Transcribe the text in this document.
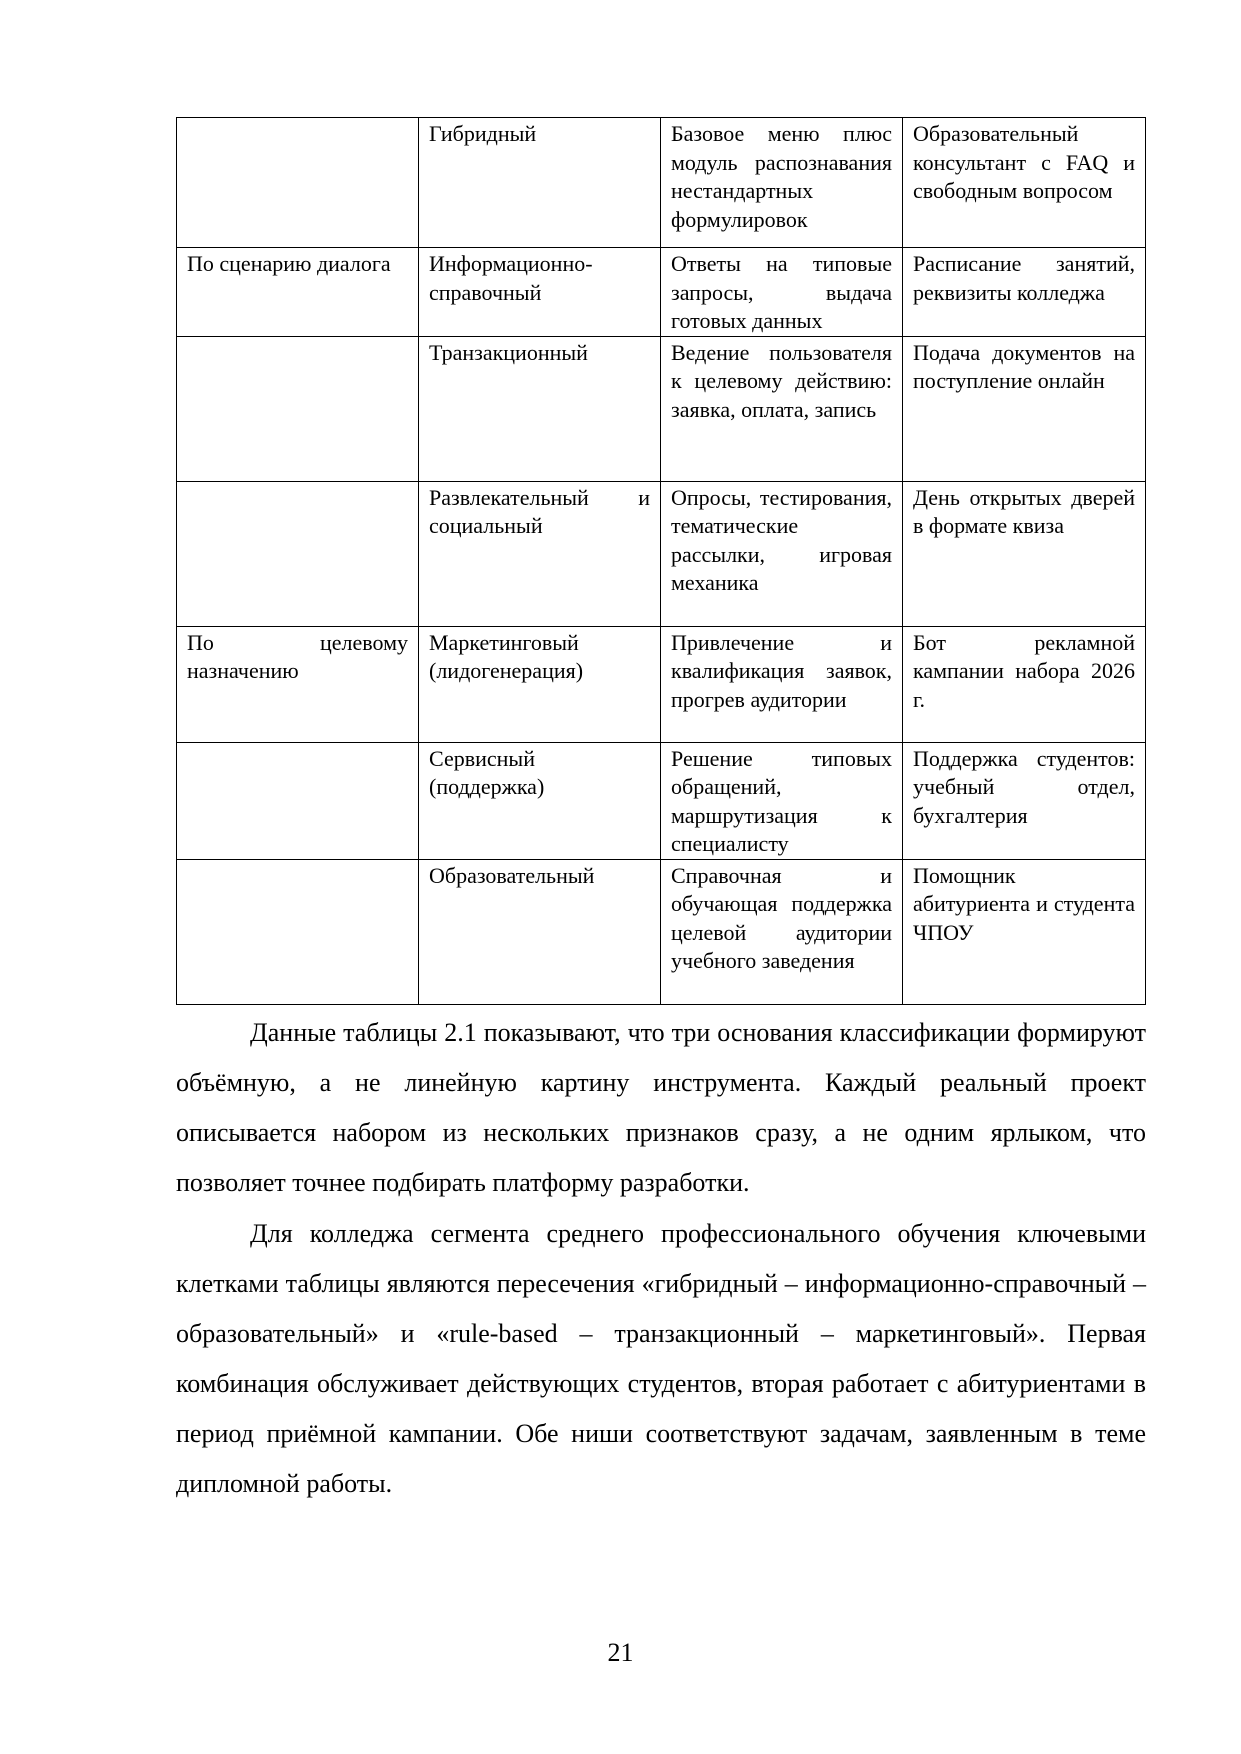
	Гибридный	Базовое меню плюс модуль распознавания нестандартных формулировок	Образовательный консультант с FAQ и свободным вопросом
По сценарию диалога	Информационно-справочный	Ответы на типовые запросы, выдача готовых данных	Расписание занятий, реквизиты колледжа
	Транзакционный	Ведение пользователя к целевому действию: заявка, оплата, запись	Подача документов на поступление онлайн
	Развлекательный и социальный	Опросы, тестирования, тематические рассылки, игровая механика	День открытых дверей в формате квиза
По целевому назначению	Маркетинговый (лидогенерация)	Привлечение и квалификация заявок, прогрев аудитории	Бот рекламной кампании набора 2026 г.
	Сервисный (поддержка)	Решение типовых обращений, маршрутизация к специалисту	Поддержка студентов: учебный отдел, бухгалтерия
	Образовательный	Справочная и обучающая поддержка целевой аудитории учебного заведения	Помощник абитуриента и студента ЧПОУ

Данные таблицы 2.1 показывают, что три основания классификации формируют объёмную, а не линейную картину инструмента. Каждый реальный проект описывается набором из нескольких признаков сразу, а не одним ярлыком, что позволяет точнее подбирать платформу разработки.

Для колледжа сегмента среднего профессионального обучения ключевыми клетками таблицы являются пересечения «гибридный – информационно-справочный – образовательный» и «rule-based – транзакционный – маркетинговый». Первая комбинация обслуживает действующих студентов, вторая работает с абитуриентами в период приёмной кампании. Обе ниши соответствуют задачам, заявленным в теме дипломной работы.

21
